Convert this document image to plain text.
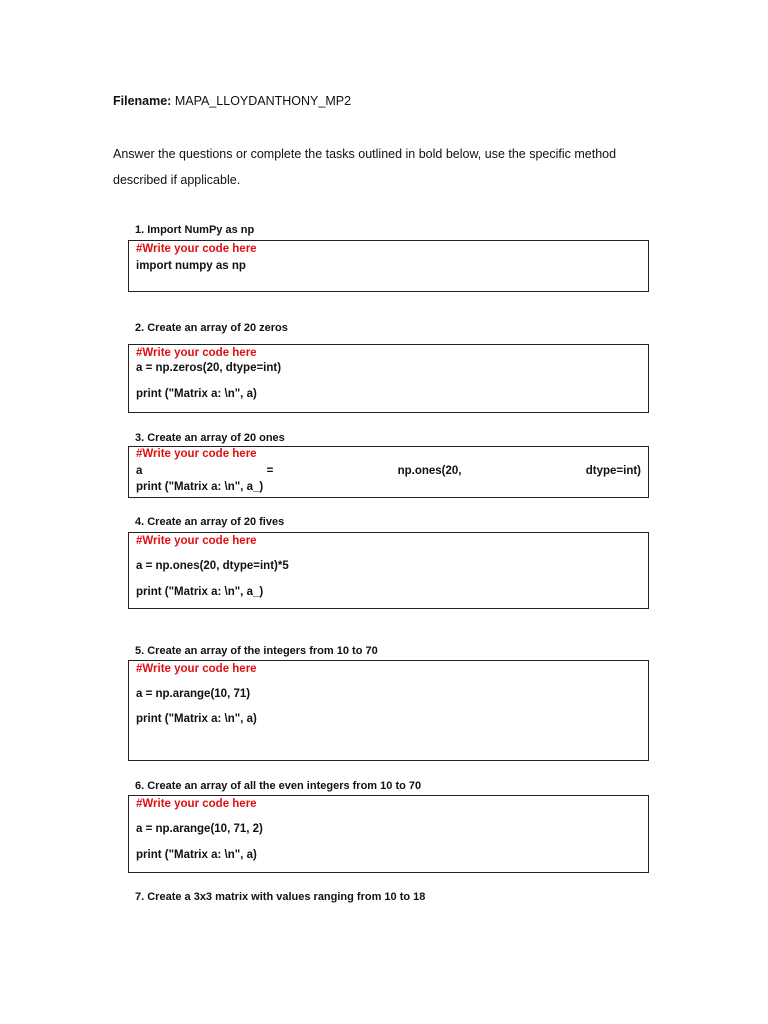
Filename: MAPA_LLOYDANTHONY_MP2
Answer the questions or complete the tasks outlined in bold below, use the specific method
described if applicable.
1. Import NumPy as np
#Write your code here
import numpy as np
2. Create an array of 20 zeros
#Write your code here
a = np.zeros(20, dtype=int)
print ("Matrix a: \n", a)
3. Create an array of 20 ones
#Write your code here
a	=	np.ones(20,	dtype=int)
print ("Matrix a: \n", a_)
4. Create an array of 20 fives
#Write your code here
a = np.ones(20, dtype=int)*5
print ("Matrix a: \n", a_)
5. Create an array of the integers from 10 to 70
#Write your code here
a = np.arange(10, 71)
print ("Matrix a: \n", a)
6. Create an array of all the even integers from 10 to 70
#Write your code here
a = np.arange(10, 71, 2)
print ("Matrix a: \n", a)
7. Create a 3x3 matrix with values ranging from 10 to 18
